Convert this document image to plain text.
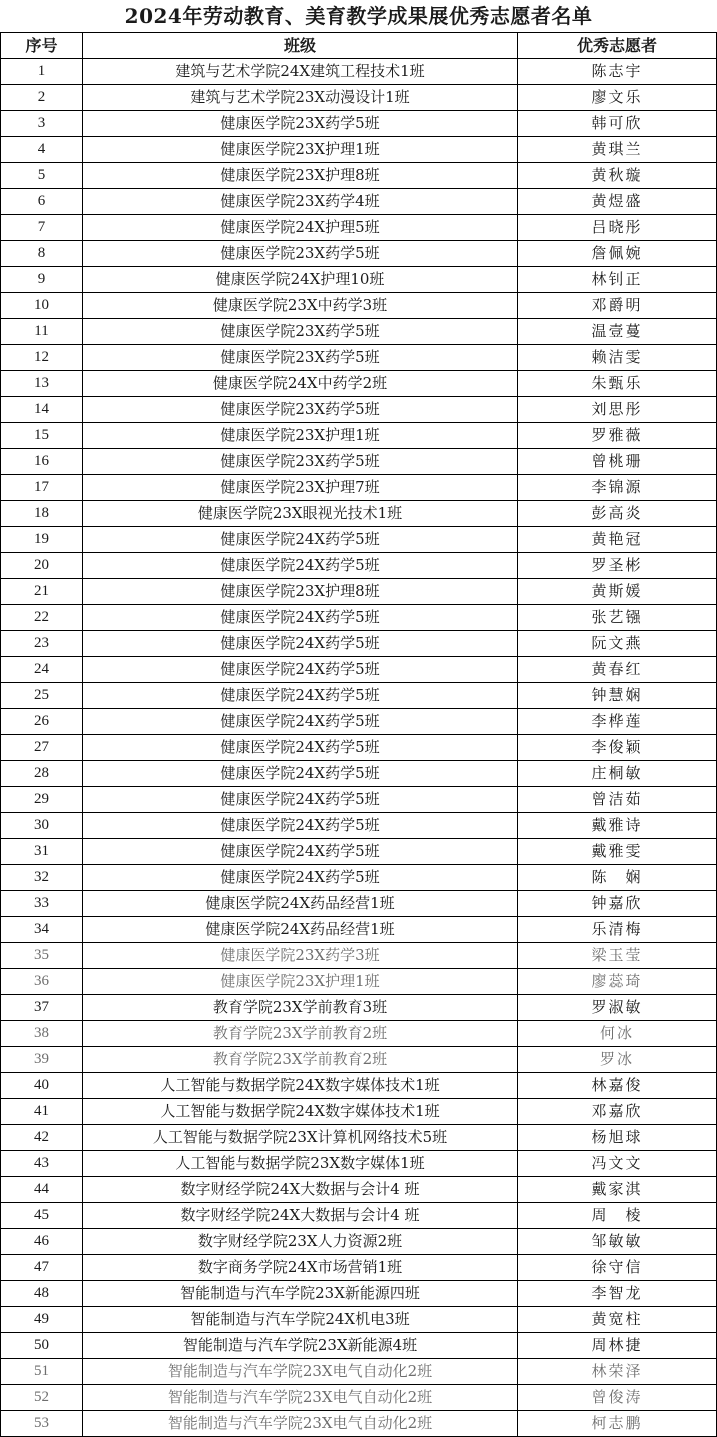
2024年劳动教育、美育教学成果展优秀志愿者名单
序号	班级	优秀志愿者
1	建筑与艺术学院24X建筑工程技术1班	陈志宇
2	建筑与艺术学院23X动漫设计1班	廖文乐
3	健康医学院23X药学5班	韩可欣
4	健康医学院23X护理1班	黄琪兰
5	健康医学院23X护理8班	黄秋璇
6	健康医学院23X药学4班	黄煜盛
7	健康医学院24X护理5班	吕晓彤
8	健康医学院23X药学5班	詹佩婉
9	健康医学院24X护理10班	林钊正
10	健康医学院23X中药学3班	邓爵明
11	健康医学院23X药学5班	温壹蔓
12	健康医学院23X药学5班	赖洁雯
13	健康医学院24X中药学2班	朱甄乐
14	健康医学院23X药学5班	刘思彤
15	健康医学院23X护理1班	罗雅薇
16	健康医学院23X药学5班	曾桃珊
17	健康医学院23X护理7班	李锦源
18	健康医学院23X眼视光技术1班	彭高炎
19	健康医学院24X药学5班	黄艳冠
20	健康医学院24X药学5班	罗圣彬
21	健康医学院23X护理8班	黄斯媛
22	健康医学院24X药学5班	张艺镪
23	健康医学院24X药学5班	阮文燕
24	健康医学院24X药学5班	黄春红
25	健康医学院24X药学5班	钟慧娴
26	健康医学院24X药学5班	李桦莲
27	健康医学院24X药学5班	李俊颖
28	健康医学院24X药学5班	庄桐敏
29	健康医学院24X药学5班	曾洁茹
30	健康医学院24X药学5班	戴雅诗
31	健康医学院24X药学5班	戴雅雯
32	健康医学院24X药学5班	陈　娴
33	健康医学院24X药品经营1班	钟嘉欣
34	健康医学院24X药品经营1班	乐清梅
35	健康医学院23X药学3班	梁玉莹
36	健康医学院23X护理1班	廖蕊琦
37	教育学院23X学前教育3班	罗淑敏
38	教育学院23X学前教育2班	何冰
39	教育学院23X学前教育2班	罗冰
40	人工智能与数据学院24X数字媒体技术1班	林嘉俊
41	人工智能与数据学院24X数字媒体技术1班	邓嘉欣
42	人工智能与数据学院23X计算机网络技术5班	杨旭球
43	人工智能与数据学院23X数字媒体1班	冯文文
44	数字财经学院24X大数据与会计4 班	戴家淇
45	数字财经学院24X大数据与会计4 班	周　棱
46	数字财经学院23X人力资源2班	邹敏敏
47	数字商务学院24X市场营销1班	徐守信
48	智能制造与汽车学院23X新能源四班	李智龙
49	智能制造与汽车学院24X机电3班	黄宽柱
50	智能制造与汽车学院23X新能源4班	周林捷
51	智能制造与汽车学院23X电气自动化2班	林荣泽
52	智能制造与汽车学院23X电气自动化2班	曾俊涛
53	智能制造与汽车学院23X电气自动化2班	柯志鹏
